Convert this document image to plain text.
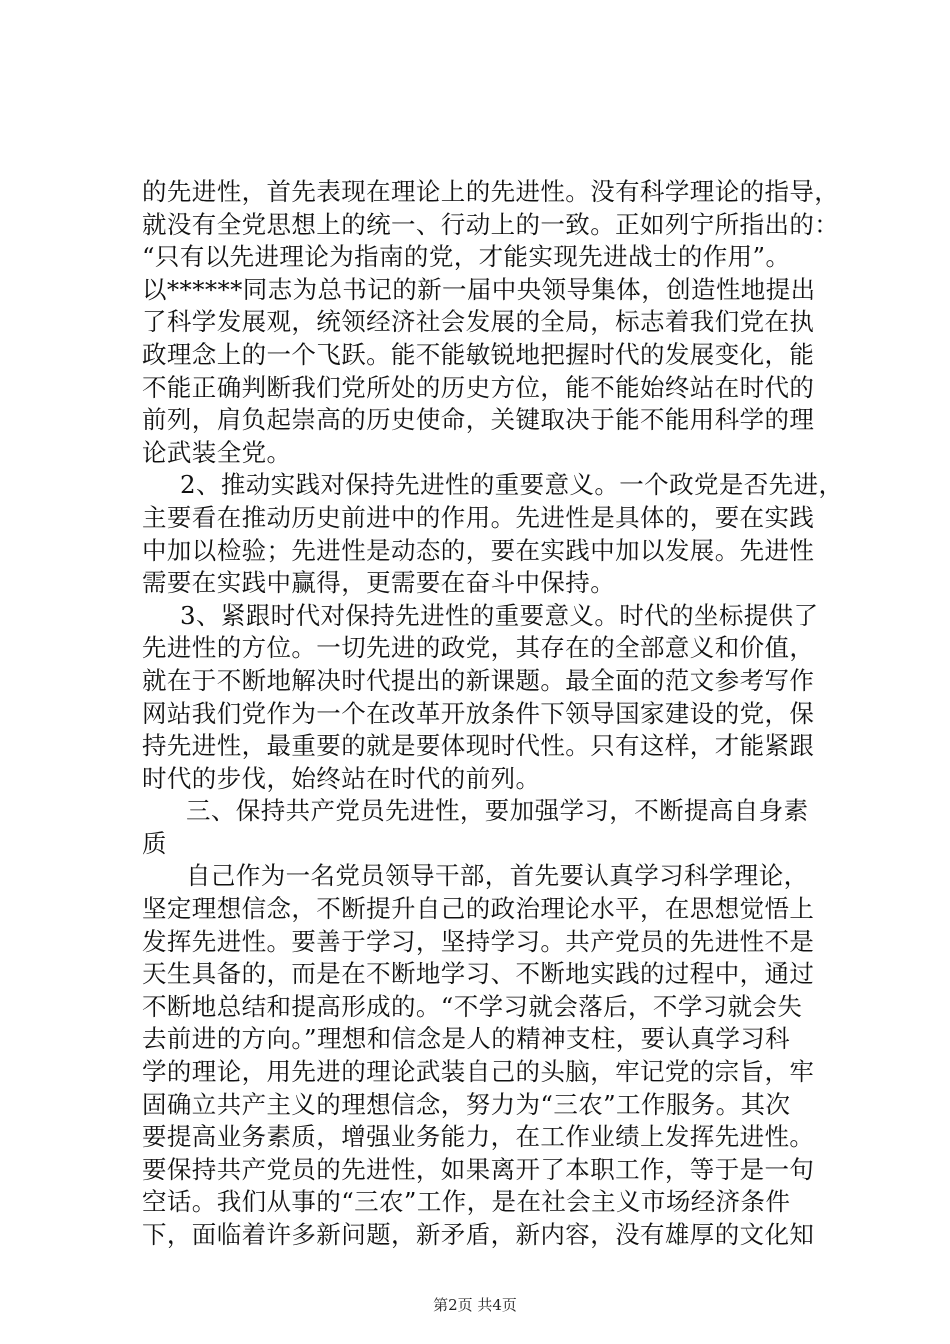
的先进性，首先表现在理论上的先进性。没有科学理论的指导，
就没有全党思想上的统一、行动上的一致。正如列宁所指出的：
“只有以先进理论为指南的党，才能实现先进战士的作用”。
以******同志为总书记的新一届中央领导集体，创造性地提出
了科学发展观，统领经济社会发展的全局，标志着我们党在执
政理念上的一个飞跃。能不能敏锐地把握时代的发展变化，能
不能正确判断我们党所处的历史方位，能不能始终站在时代的
前列，肩负起崇高的历史使命，关键取决于能不能用科学的理
论武装全党。
2、推动实践对保持先进性的重要意义。一个政党是否先进，
主要看在推动历史前进中的作用。先进性是具体的，要在实践
中加以检验；先进性是动态的，要在实践中加以发展。先进性
需要在实践中赢得，更需要在奋斗中保持。
3、紧跟时代对保持先进性的重要意义。时代的坐标提供了
先进性的方位。一切先进的政党，其存在的全部意义和价值，
就在于不断地解决时代提出的新课题。最全面的范文参考写作
网站我们党作为一个在改革开放条件下领导国家建设的党，保
持先进性，最重要的就是要体现时代性。只有这样，才能紧跟
时代的步伐，始终站在时代的前列。
三、保持共产党员先进性，要加强学习，不断提高自身素
质
自己作为一名党员领导干部，首先要认真学习科学理论，
坚定理想信念，不断提升自己的政治理论水平，在思想觉悟上
发挥先进性。要善于学习，坚持学习。共产党员的先进性不是
天生具备的，而是在不断地学习、不断地实践的过程中，通过
不断地总结和提高形成的。“不学习就会落后，不学习就会失
去前进的方向。”理想和信念是人的精神支柱，要认真学习科
学的理论，用先进的理论武装自己的头脑，牢记党的宗旨，牢
固确立共产主义的理想信念，努力为“三农”工作服务。其次
要提高业务素质，增强业务能力，在工作业绩上发挥先进性。
要保持共产党员的先进性，如果离开了本职工作，等于是一句
空话。我们从事的“三农”工作，是在社会主义市场经济条件
下，面临着许多新问题，新矛盾，新内容，没有雄厚的文化知
第2页 共4页
